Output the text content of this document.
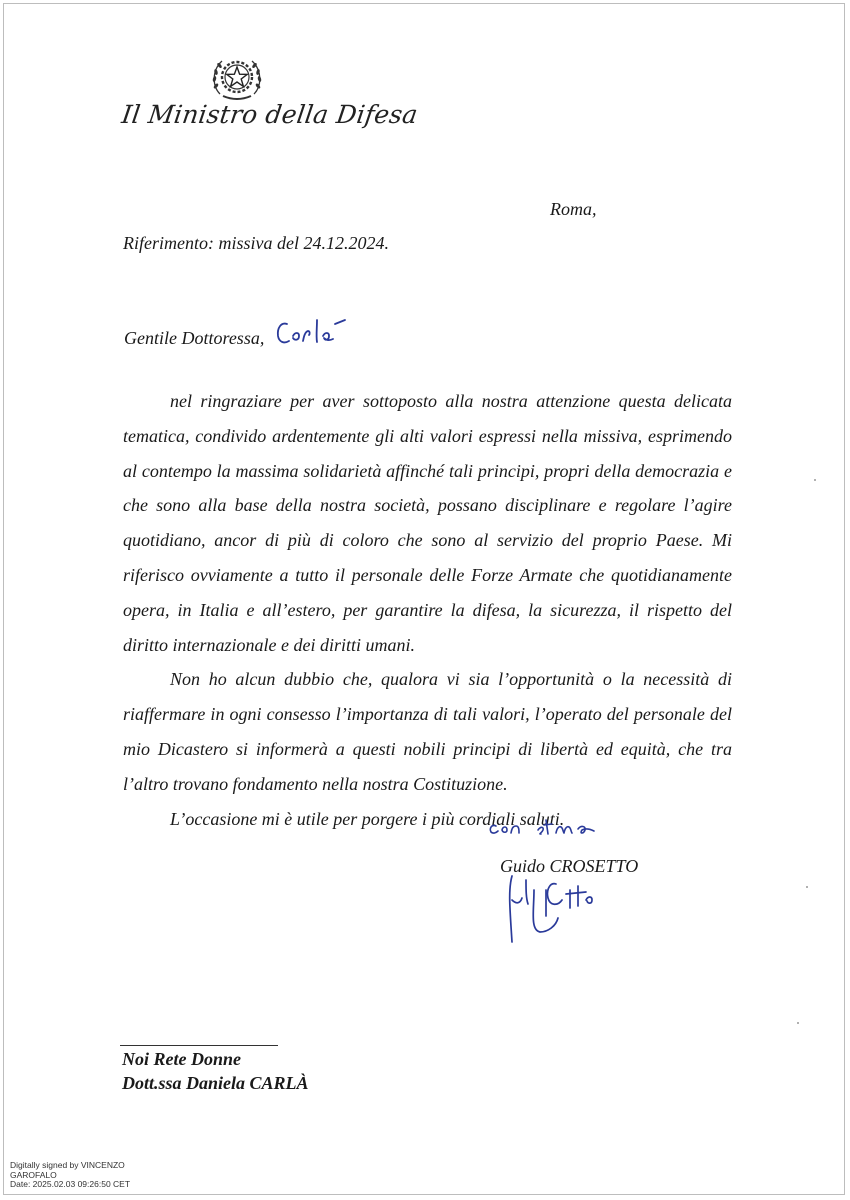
Il Ministro della Difesa
Roma,
Riferimento: missiva del 24.12.2024.
Gentile Dottoressa,

nel ringraziare per aver sottoposto alla nostra attenzione questa delicata tematica, condivido ardentemente gli alti valori espressi nella missiva, esprimendo al contempo la massima solidarietà affinché tali principi, propri della democrazia e che sono alla base della nostra società, possano disciplinare e regolare l’agire quotidiano, ancor di più di coloro che sono al servizio del proprio Paese. Mi riferisco ovviamente a tutto il personale delle Forze Armate che quotidianamente opera, in Italia e all’estero, per garantire la difesa, la sicurezza, il rispetto del diritto internazionale e dei diritti umani.

Non ho alcun dubbio che, qualora vi sia l’opportunità o la necessità di riaffermare in ogni consesso l’importanza di tali valori, l’operato del personale del mio Dicastero si informerà a questi nobili principi di libertà ed equità, che tra l’altro trovano fondamento nella nostra Costituzione.

L’occasione mi è utile per porgere i più cordiali saluti.

Guido CROSETTO
Noi Rete Donne
Dott.ssa Daniela CARLÀ
Digitally signed by VINCENZO
GAROFALO
Date: 2025.02.03 09:26:50 CET
